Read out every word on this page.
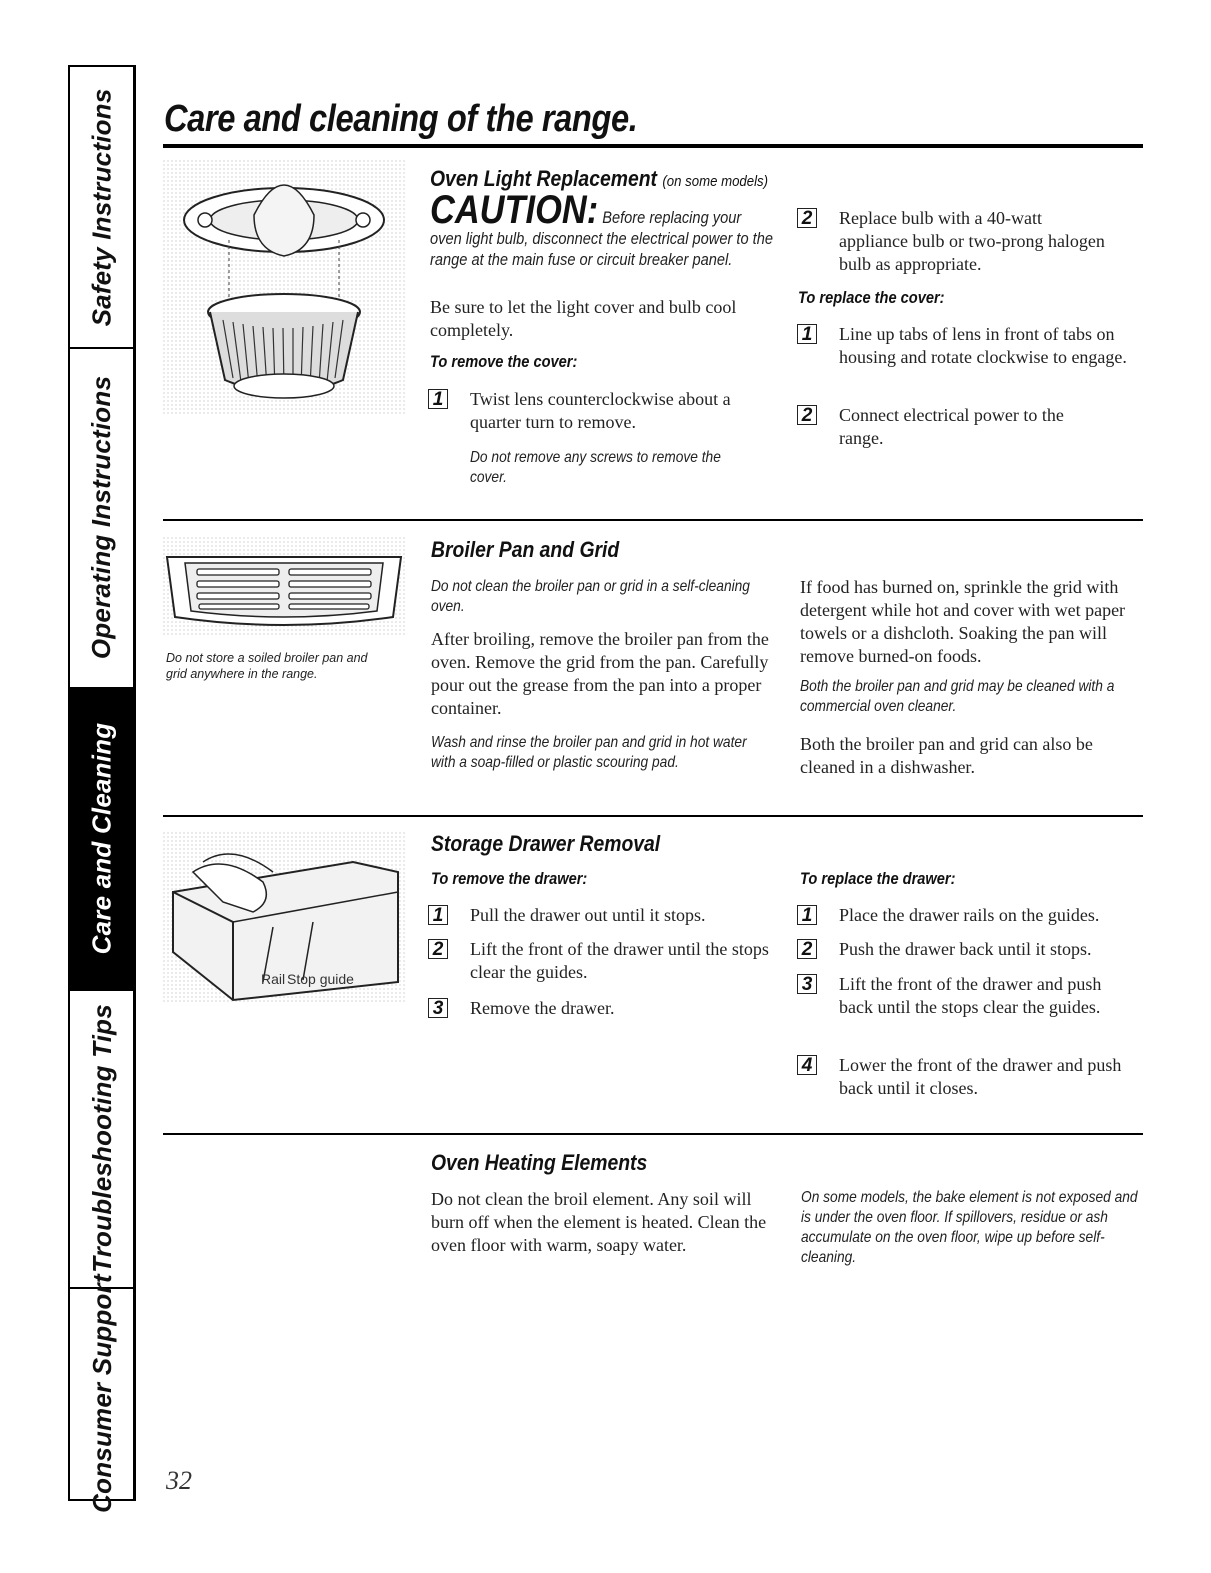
Safety Instructions
Operating Instructions
Care and Cleaning
Troubleshooting Tips
Consumer Support
Care and cleaning of the range.
Oven Light Replacement (on some models)
CAUTION: Before replacing your oven light bulb, disconnect the electrical power to the range at the main fuse or circuit breaker panel.
Be sure to let the light cover and bulb cool completely.
To remove the cover:
1 Twist lens counterclockwise about a quarter turn to remove.
Do not remove any screws to remove the cover.
2 Replace bulb with a 40-watt appliance bulb or two-prong halogen bulb as appropriate.
To replace the cover:
1 Line up tabs of lens in front of tabs on housing and rotate clockwise to engage.
2 Connect electrical power to the range.
Do not store a soiled broiler pan and grid anywhere in the range.
Broiler Pan and Grid
Do not clean the broiler pan or grid in a self-cleaning oven.
After broiling, remove the broiler pan from the oven. Remove the grid from the pan. Carefully pour out the grease from the pan into a proper container.
Wash and rinse the broiler pan and grid in hot water with a soap-filled or plastic scouring pad.
If food has burned on, sprinkle the grid with detergent while hot and cover with wet paper towels or a dishcloth. Soaking the pan will remove burned-on foods.
Both the broiler pan and grid may be cleaned with a commercial oven cleaner.
Both the broiler pan and grid can also be cleaned in a dishwasher.
Rail Stop guide
Storage Drawer Removal
To remove the drawer:
1 Pull the drawer out until it stops.
2 Lift the front of the drawer until the stops clear the guides.
3 Remove the drawer.
To replace the drawer:
1 Place the drawer rails on the guides.
2 Push the drawer back until it stops.
3 Lift the front of the drawer and push back until the stops clear the guides.
4 Lower the front of the drawer and push back until it closes.
Oven Heating Elements
Do not clean the broil element. Any soil will burn off when the element is heated. Clean the oven floor with warm, soapy water.
On some models, the bake element is not exposed and is under the oven floor. If spillovers, residue or ash accumulate on the oven floor, wipe up before self-cleaning.
32
